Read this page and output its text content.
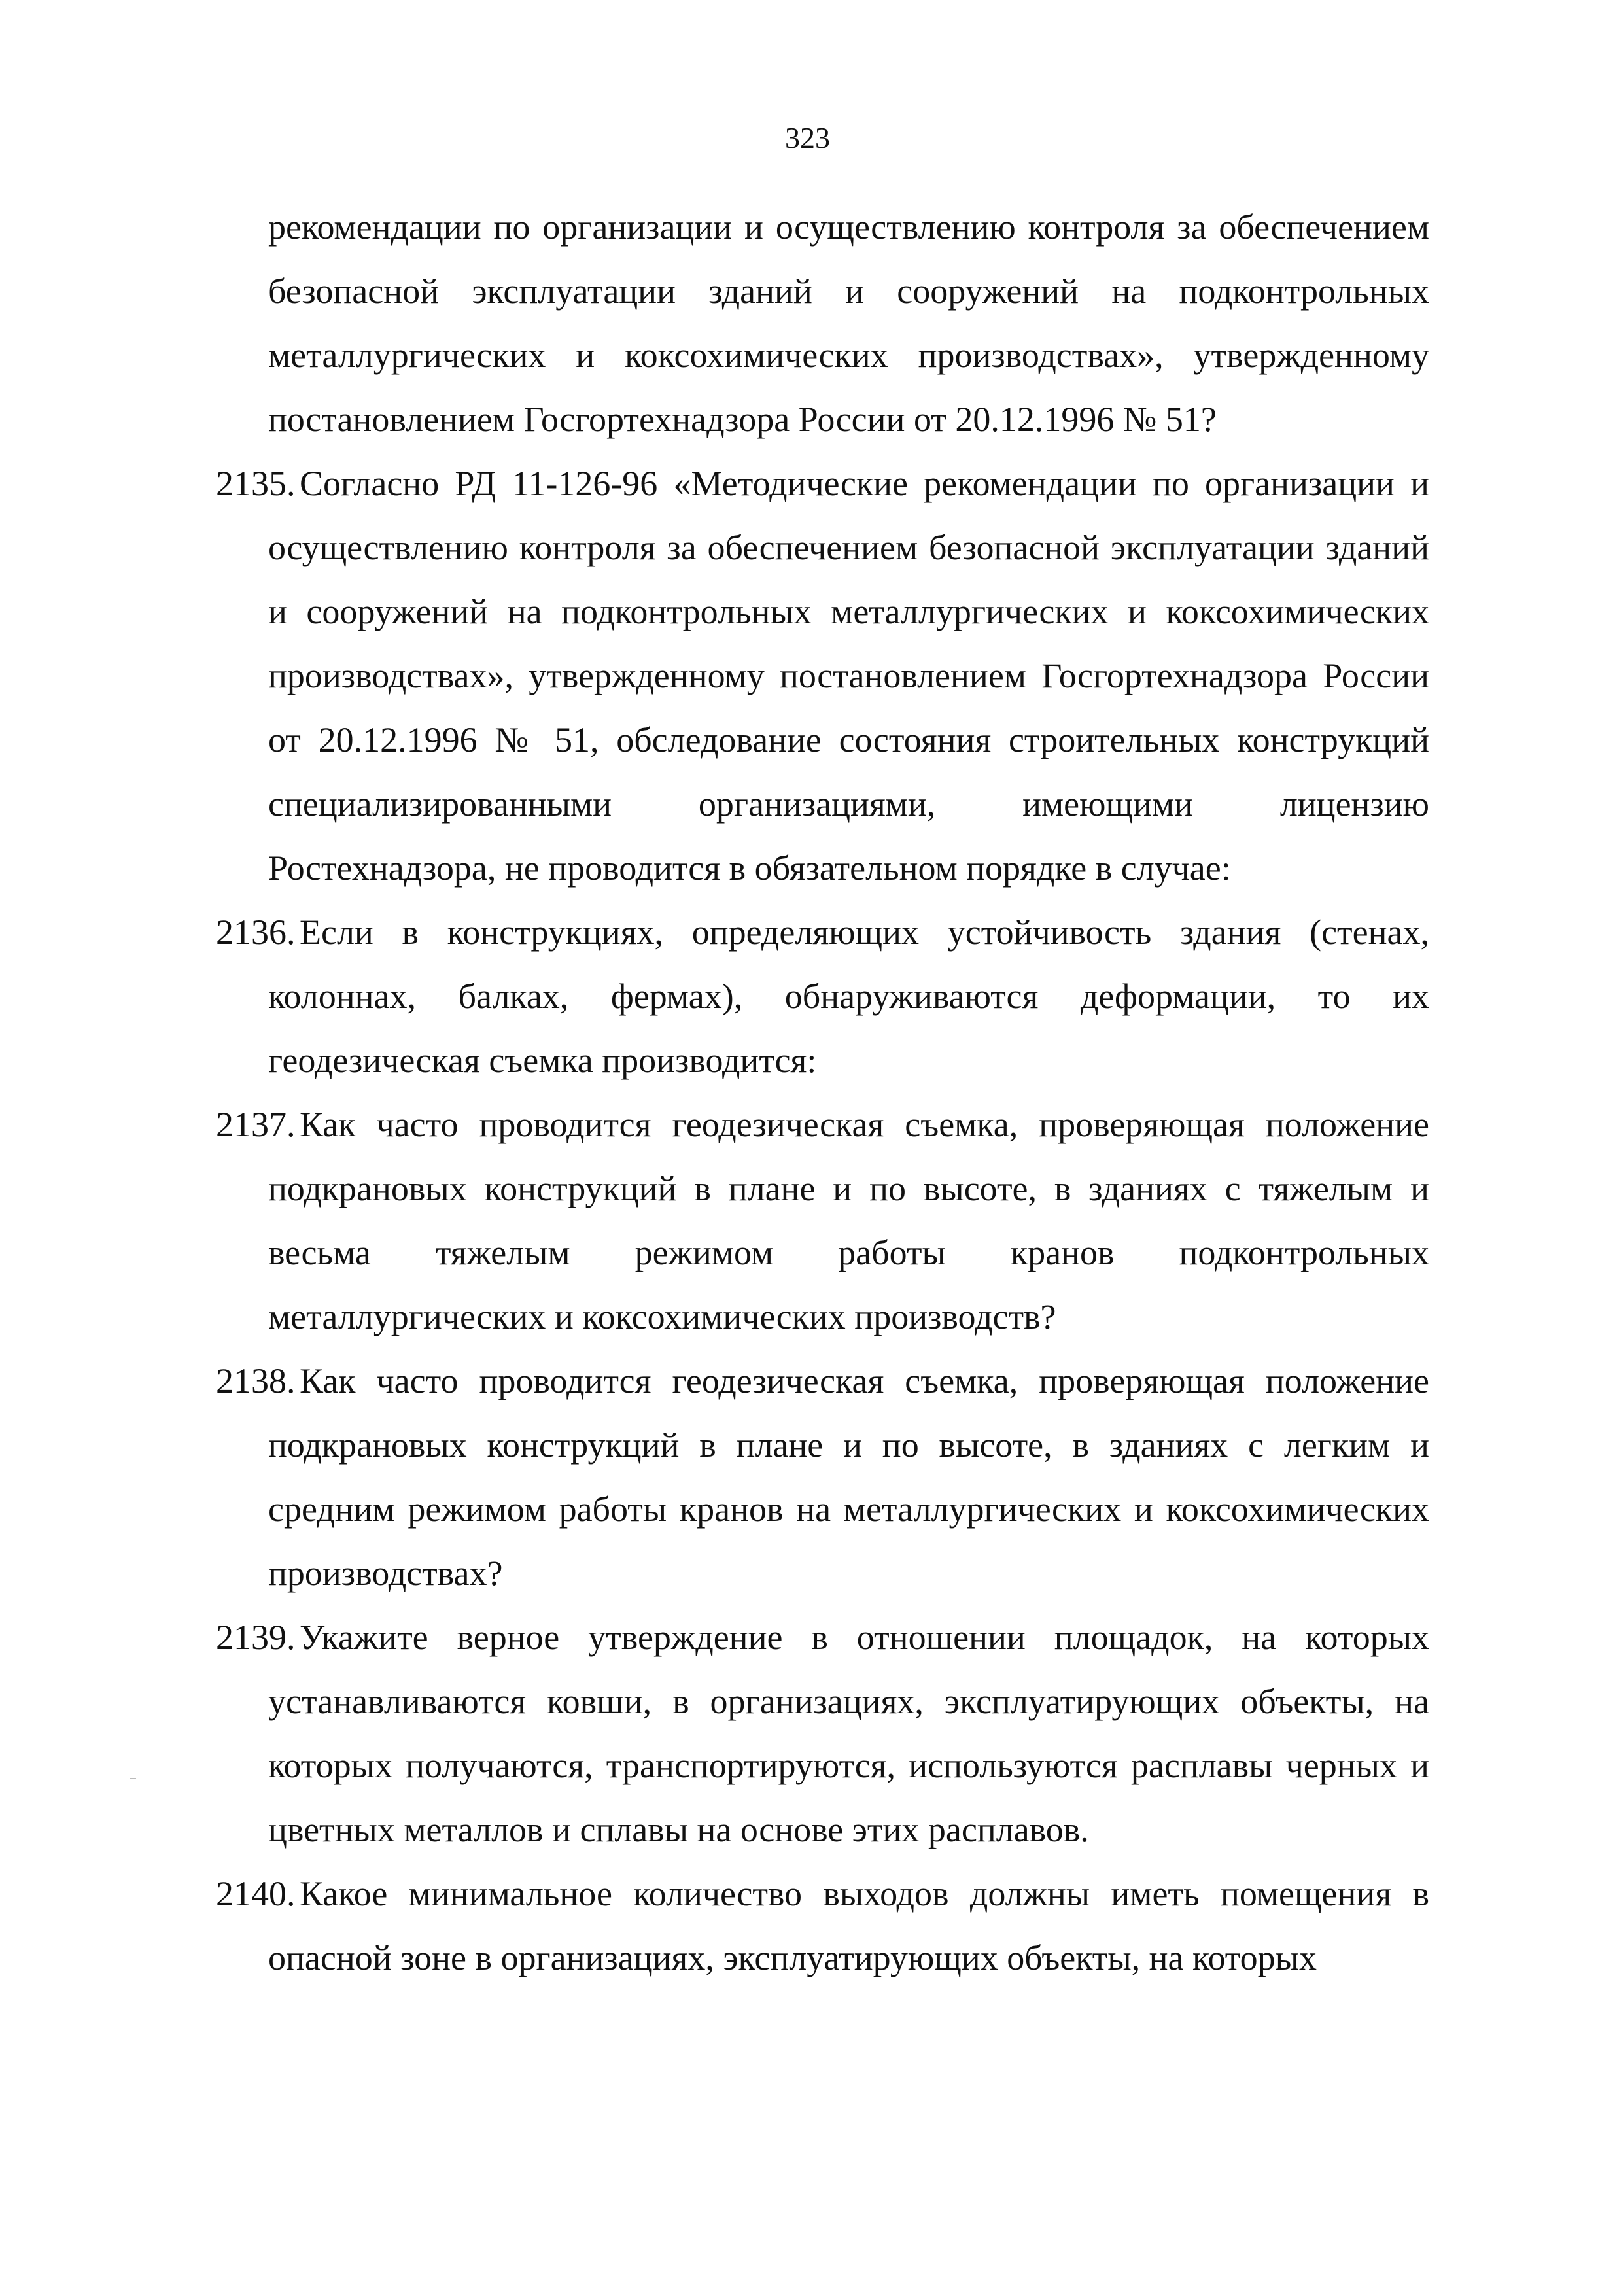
323

рекомендации по организации и осуществлению контроля за обеспечением безопасной эксплуатации зданий и сооружений на подконтрольных металлургических и коксохимических производствах», утвержденному постановлением Госгортехнадзора России от 20.12.1996 № 51?

2135. Согласно РД 11-126-96 «Методические рекомендации по организации и осуществлению контроля за обеспечением безопасной эксплуатации зданий и сооружений на подконтрольных металлургических и коксохимических производствах», утвержденному постановлением Госгортехнадзора России от 20.12.1996 № 51, обследование состояния строительных конструкций специализированными организациями, имеющими лицензию Ростехнадзора, не проводится в обязательном порядке в случае:

2136. Если в конструкциях, определяющих устойчивость здания (стенах, колоннах, балках, фермах), обнаруживаются деформации, то их геодезическая съемка производится:

2137. Как часто проводится геодезическая съемка, проверяющая положение подкрановых конструкций в плане и по высоте, в зданиях с тяжелым и весьма тяжелым режимом работы кранов подконтрольных металлургических и коксохимических производств?

2138. Как часто проводится геодезическая съемка, проверяющая положение подкрановых конструкций в плане и по высоте, в зданиях с легким и средним режимом работы кранов на металлургических и коксохимических производствах?

2139. Укажите верное утверждение в отношении площадок, на которых устанавливаются ковши, в организациях, эксплуатирующих объекты, на которых получаются, транспортируются, используются расплавы черных и цветных металлов и сплавы на основе этих расплавов.

2140. Какое минимальное количество выходов должны иметь помещения в опасной зоне в организациях, эксплуатирующих объекты, на которых
